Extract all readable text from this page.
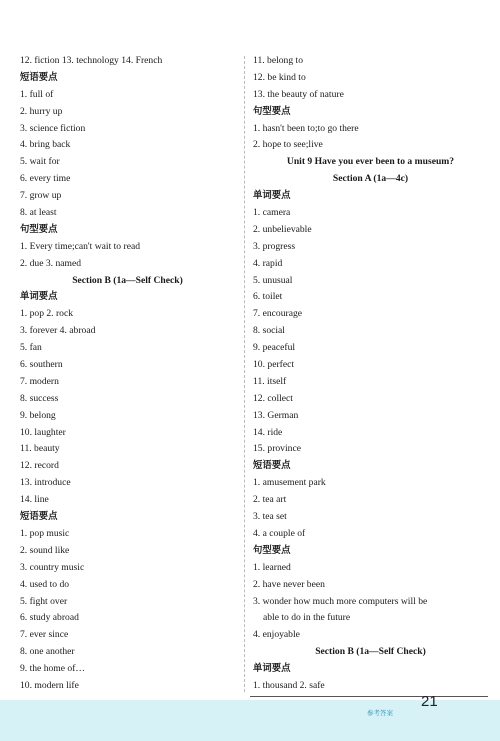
12. fiction 13. technology 14. French
短语要点
1. full of
2. hurry up
3. science fiction
4. bring back
5. wait for
6. every time
7. grow up
8. at least
句型要点
1. Every time;can't wait to read
2. due 3. named
Section B (1a—Self Check)
单词要点
1. pop 2. rock
3. forever 4. abroad
5. fan
6. southern
7. modern
8. success
9. belong
10. laughter
11. beauty
12. record
13. introduce
14. line
短语要点
1. pop music
2. sound like
3. country music
4. used to do
5. fight over
6. study abroad
7. ever since
8. one another
9. the home of…
10. modern life
11. belong to
12. be kind to
13. the beauty of nature
句型要点
1. hasn't been to;to go there
2. hope to see;live
Unit 9 Have you ever been to a museum?
Section A (1a—4c)
单词要点
1. camera
2. unbelievable
3. progress
4. rapid
5. unusual
6. toilet
7. encourage
8. social
9. peaceful
10. perfect
11. itself
12. collect
13. German
14. ride
15. province
短语要点
1. amusement park
2. tea art
3. tea set
4. a couple of
句型要点
1. learned
2. have never been
3. wonder how much more computers will be
able to do in the future
4. enjoyable
Section B (1a—Self Check)
单词要点
1. thousand 2. safe
参考答案
21
